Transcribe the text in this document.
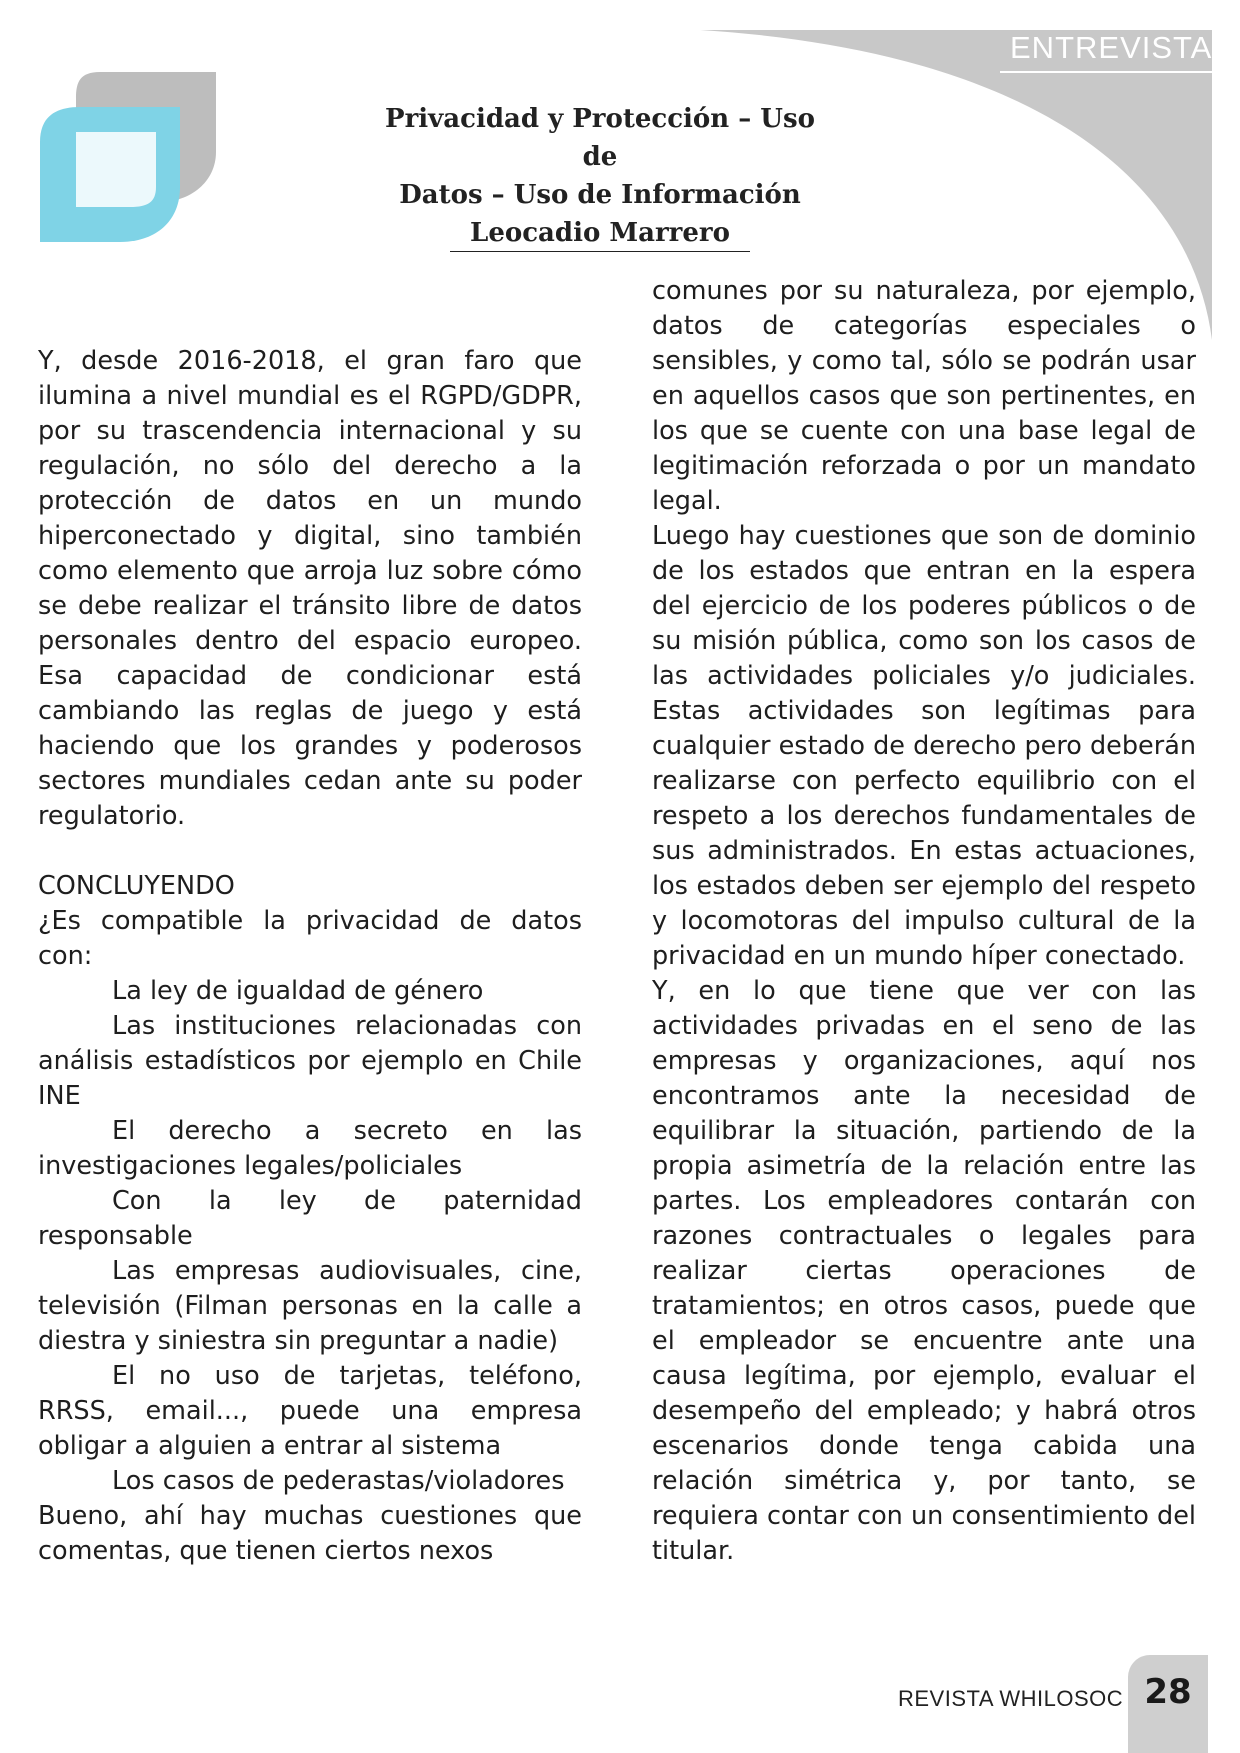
ENTREVISTA
Privacidad y Protección – Uso de
Datos – Uso de Información
Leocadio Marrero

Y, desde 2016-2018, el gran faro que ilumina a nivel mundial es el RGPD/GDPR, por su trascendencia internacional y su regulación, no sólo del derecho a la protección de datos en un mundo hiperconectado y digital, sino también como elemento que arroja luz sobre cómo se debe realizar el tránsito libre de datos personales dentro del espacio europeo. Esa capacidad de condicionar está cambiando las reglas de juego y está haciendo que los grandes y poderosos sectores mundiales cedan ante su poder regulatorio.

CONCLUYENDO

¿Es compatible la privacidad de datos con:

La ley de igualdad de género

Las instituciones relacionadas con análisis estadísticos por ejemplo en Chile INE

El derecho a secreto en las investigaciones legales/policiales

Con la ley de paternidad responsable

Las empresas audiovisuales, cine, televisión (Filman personas en la calle a diestra y siniestra sin preguntar a nadie)

El no uso de tarjetas, teléfono, RRSS, email..., puede una empresa obligar a alguien a entrar al sistema

Los casos de pederastas/violadores

Bueno, ahí hay muchas cuestiones que comentas, que tienen ciertos nexos

comunes por su naturaleza, por ejemplo, datos de categorías especiales o sensibles, y como tal, sólo se podrán usar en aquellos casos que son pertinentes, en los que se cuente con una base legal de legitimación reforzada o por un mandato legal.

Luego hay cuestiones que son de dominio de los estados que entran en la espera del ejercicio de los poderes públicos o de su misión pública, como son los casos de las actividades policiales y/o judiciales. Estas actividades son legítimas para cualquier estado de derecho pero deberán realizarse con perfecto equilibrio con el respeto a los derechos fundamentales de sus administrados. En estas actuaciones, los estados deben ser ejemplo del respeto y locomotoras del impulso cultural de la privacidad en un mundo híper conectado.

Y, en lo que tiene que ver con las actividades privadas en el seno de las empresas y organizaciones, aquí nos encontramos ante la necesidad de equilibrar la situación, partiendo de la propia asimetría de la relación entre las partes. Los empleadores contarán con razones contractuales o legales para realizar ciertas operaciones de tratamientos; en otros casos, puede que el empleador se encuentre ante una causa legítima, por ejemplo, evaluar el desempeño del empleado; y habrá otros escenarios donde tenga cabida una relación simétrica y, por tanto, se requiera contar con un consentimiento del titular.

REVISTA WHILOSOC 28
